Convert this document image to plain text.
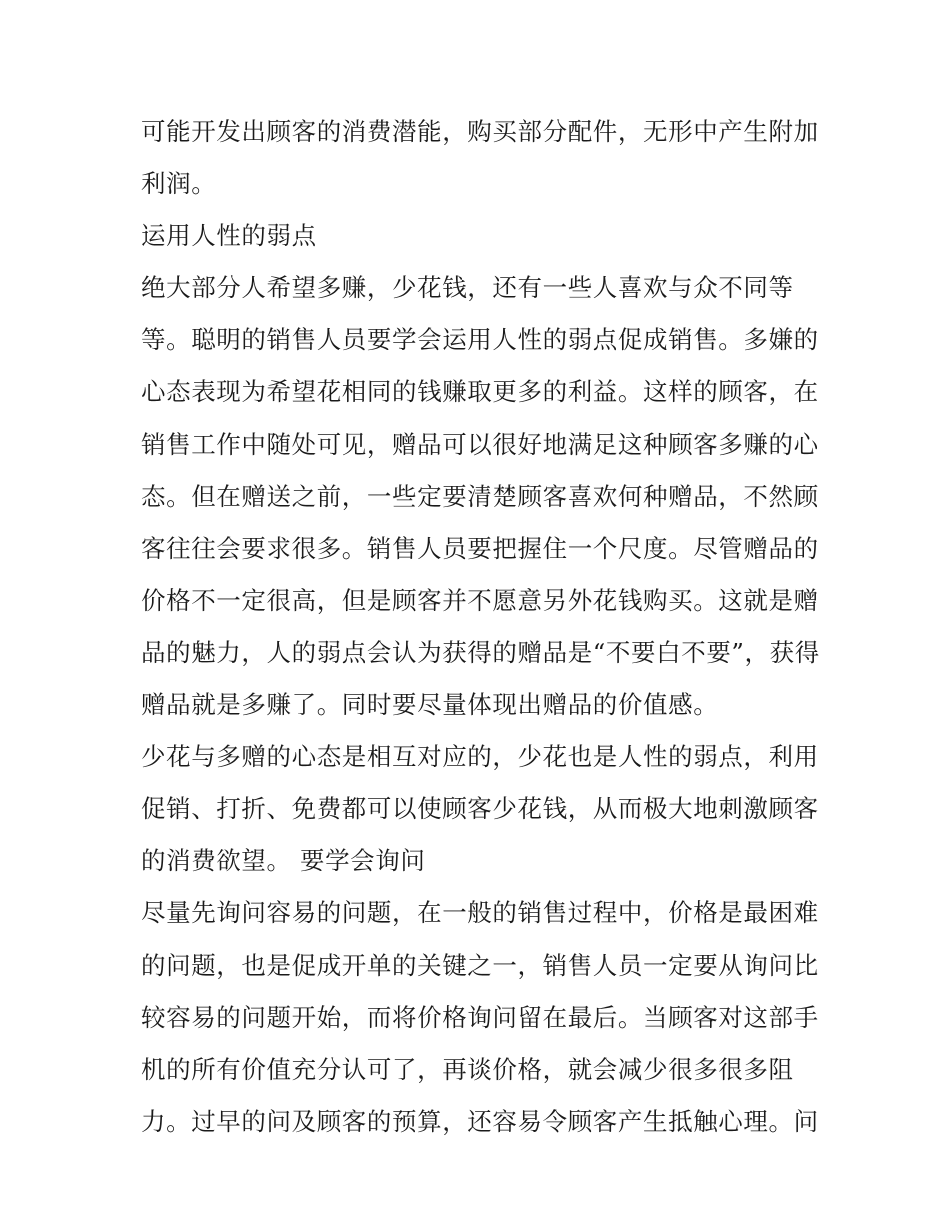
可能开发出顾客的消费潜能，购买部分配件，无形中产生附加
利润。
运用人性的弱点
绝大部分人希望多赚，少花钱，还有一些人喜欢与众不同等
等。聪明的销售人员要学会运用人性的弱点促成销售。多嫌的
心态表现为希望花相同的钱赚取更多的利益。这样的顾客，在
销售工作中随处可见，赠品可以很好地满足这种顾客多赚的心
态。但在赠送之前，一些定要清楚顾客喜欢何种赠品，不然顾
客往往会要求很多。销售人员要把握住一个尺度。尽管赠品的
价格不一定很高，但是顾客并不愿意另外花钱购买。这就是赠
品的魅力，人的弱点会认为获得的赠品是“不要白不要”，获得
赠品就是多赚了。同时要尽量体现出赠品的价值感。
少花与多赠的心态是相互对应的，少花也是人性的弱点，利用
促销、打折、免费都可以使顾客少花钱，从而极大地刺激顾客
的消费欲望。 要学会询问
尽量先询问容易的问题，在一般的销售过程中，价格是最困难
的问题，也是促成开单的关键之一，销售人员一定要从询问比
较容易的问题开始，而将价格询问留在最后。当顾客对这部手
机的所有价值充分认可了，再谈价格，就会减少很多很多阻
力。过早的问及顾客的预算，还容易令顾客产生抵触心理。问
